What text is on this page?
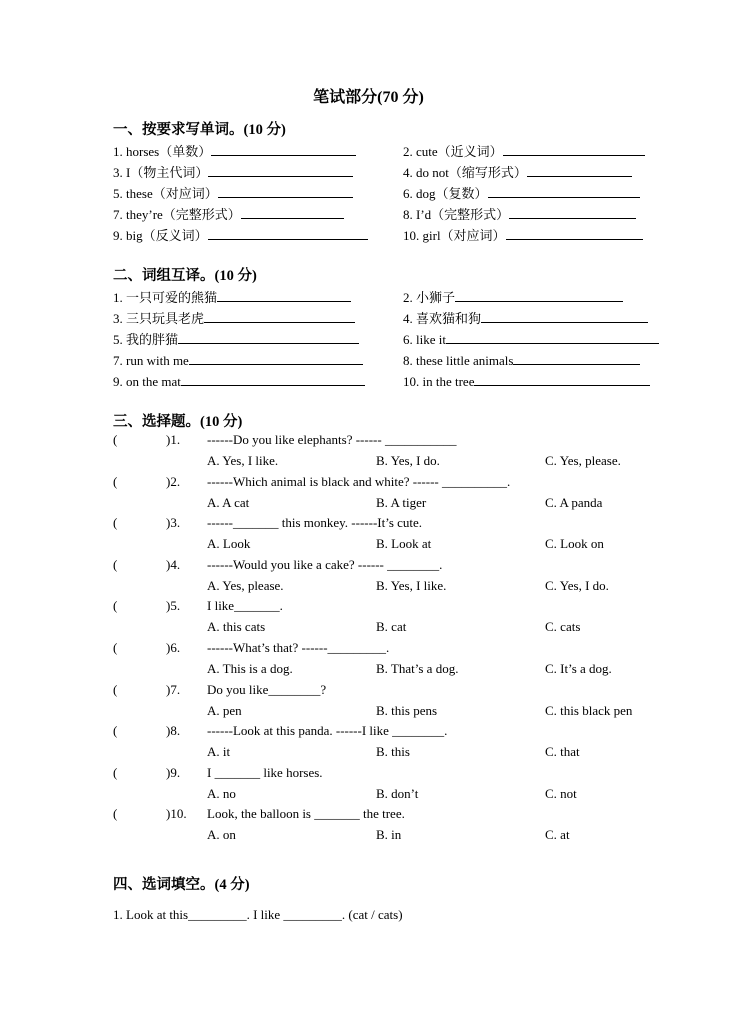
笔试部分(70 分)
一、按要求写单词。(10 分)
1. horses（单数）	2. cute（近义词）
3. I（物主代词）	4. do not（缩写形式）
5. these（对应词）	6. dog（复数）
7. they’re（完整形式）	8. I’d（完整形式）
9. big（反义词）	10. girl（对应词）
二、词组互译。(10 分)
1. 一只可爱的熊猫	2. 小狮子
3. 三只玩具老虎	4. 喜欢猫和狗
5. 我的胖猫	6. like it
7. run with me	8. these little animals
9. on the mat	10. in the tree
三、选择题。(10 分)
(	)1. ------Do you like elephants? ------ ___________
A. Yes, I like.	B. Yes, I do.	C. Yes, please.
(	)2. ------Which animal is black and white? ------ __________.
A. A cat	B. A tiger	C. A panda
(	)3. ------_______ this monkey. ------It’s cute.
A. Look	B. Look at	C. Look on
(	)4. ------Would you like a cake? ------ ________.
A. Yes, please.	B. Yes, I like.	C. Yes, I do.
(	)5. I like_______.
A. this cats	B. cat	C. cats
(	)6. ------What’s that? ------_________.
A. This is a dog.	B. That’s a dog.	C. It’s a dog.
(	)7. Do you like________?
A. pen	B. this pens	C. this black pen
(	)8. ------Look at this panda. ------I like ________.
A. it	B. this	C. that
(	)9. I _______ like horses.
A. no	B. don’t	C. not
(	)10. Look, the balloon is _______ the tree.
A. on	B. in	C. at
四、选词填空。(4 分)
1. Look at this_________. I like _________. (cat / cats)
